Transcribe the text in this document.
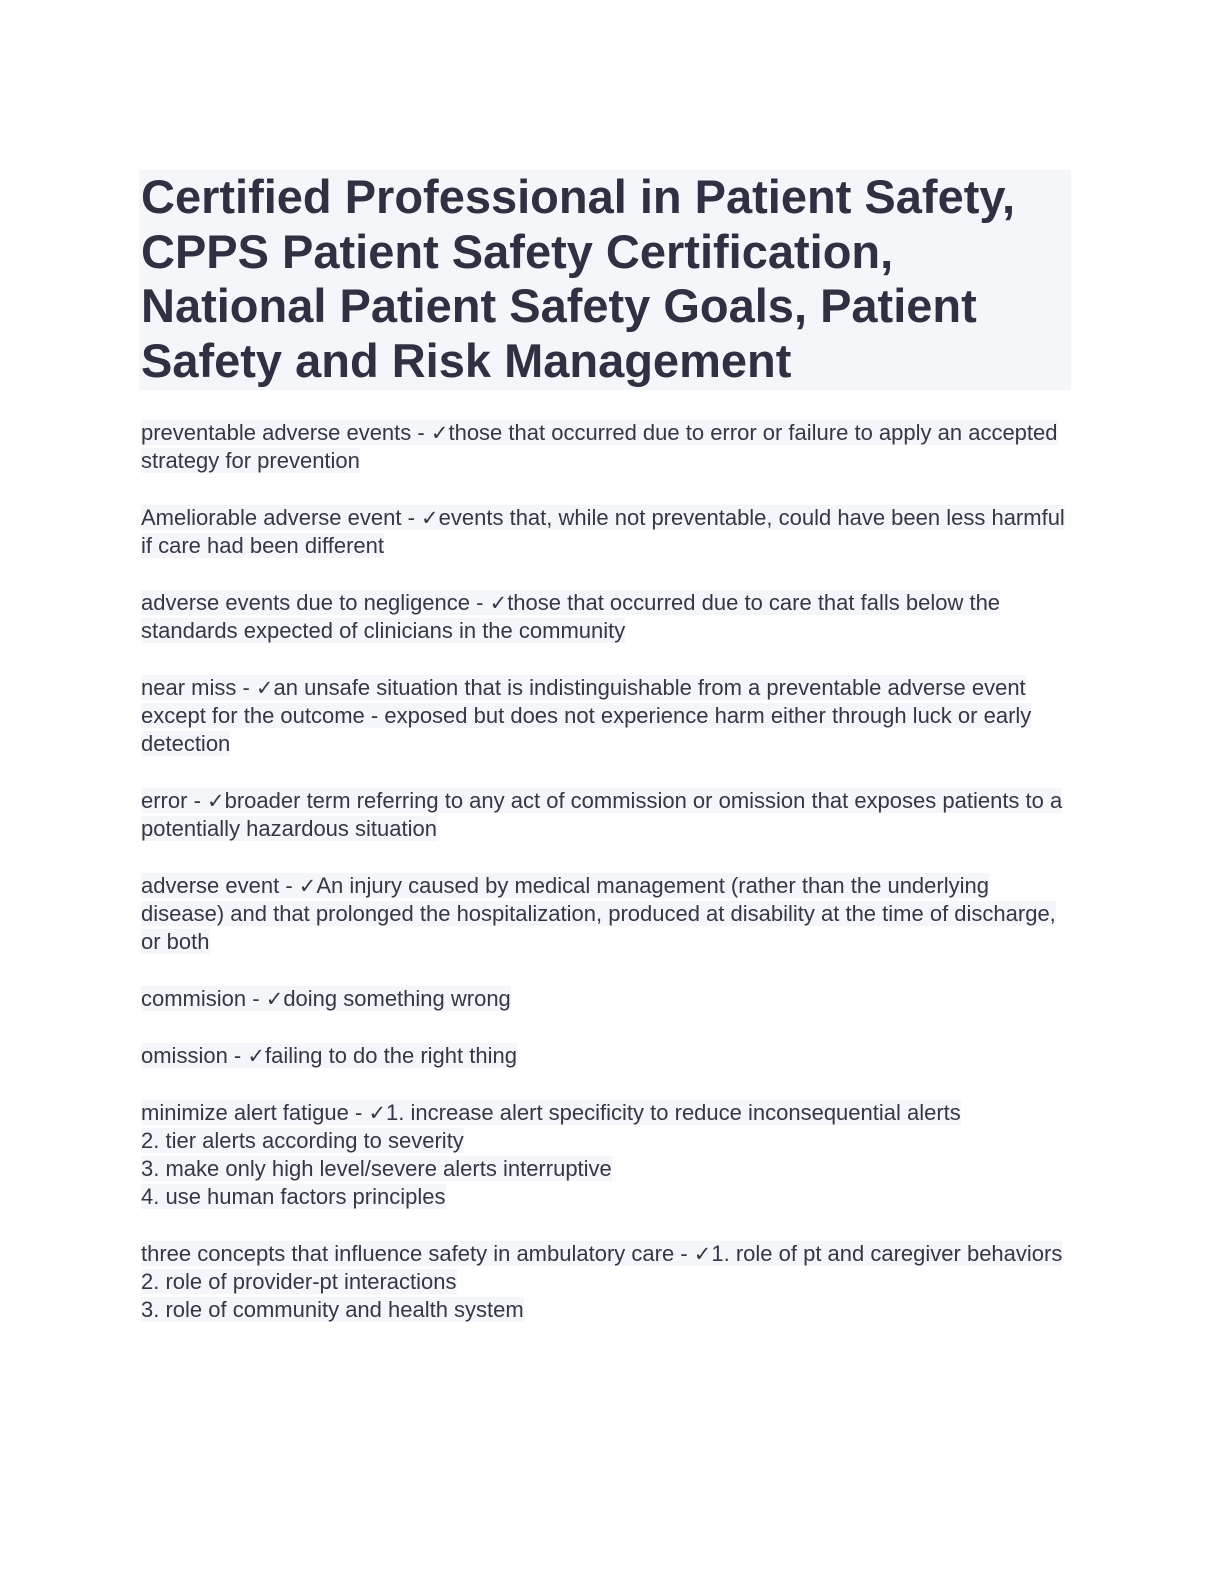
Certified Professional in Patient Safety, CPPS Patient Safety Certification, National Patient Safety Goals, Patient Safety and Risk Management
preventable adverse events - ✓those that occurred due to error or failure to apply an accepted strategy for prevention
Ameliorable adverse event - ✓events that, while not preventable, could have been less harmful if care had been different
adverse events due to negligence - ✓those that occurred due to care that falls below the standards expected of clinicians in the community
near miss - ✓an unsafe situation that is indistinguishable from a preventable adverse event except for the outcome - exposed but does not experience harm either through luck or early detection
error - ✓broader term referring to any act of commission or omission that exposes patients to a potentially hazardous situation
adverse event - ✓An injury caused by medical management (rather than the underlying disease) and that prolonged the hospitalization, produced at disability at the time of discharge, or both
commision - ✓doing something wrong
omission - ✓failing to do the right thing
minimize alert fatigue - ✓1. increase alert specificity to reduce inconsequential alerts
2. tier alerts according to severity
3. make only high level/severe alerts interruptive
4. use human factors principles
three concepts that influence safety in ambulatory care - ✓1. role of pt and caregiver behaviors
2. role of provider-pt interactions
3. role of community and health system
